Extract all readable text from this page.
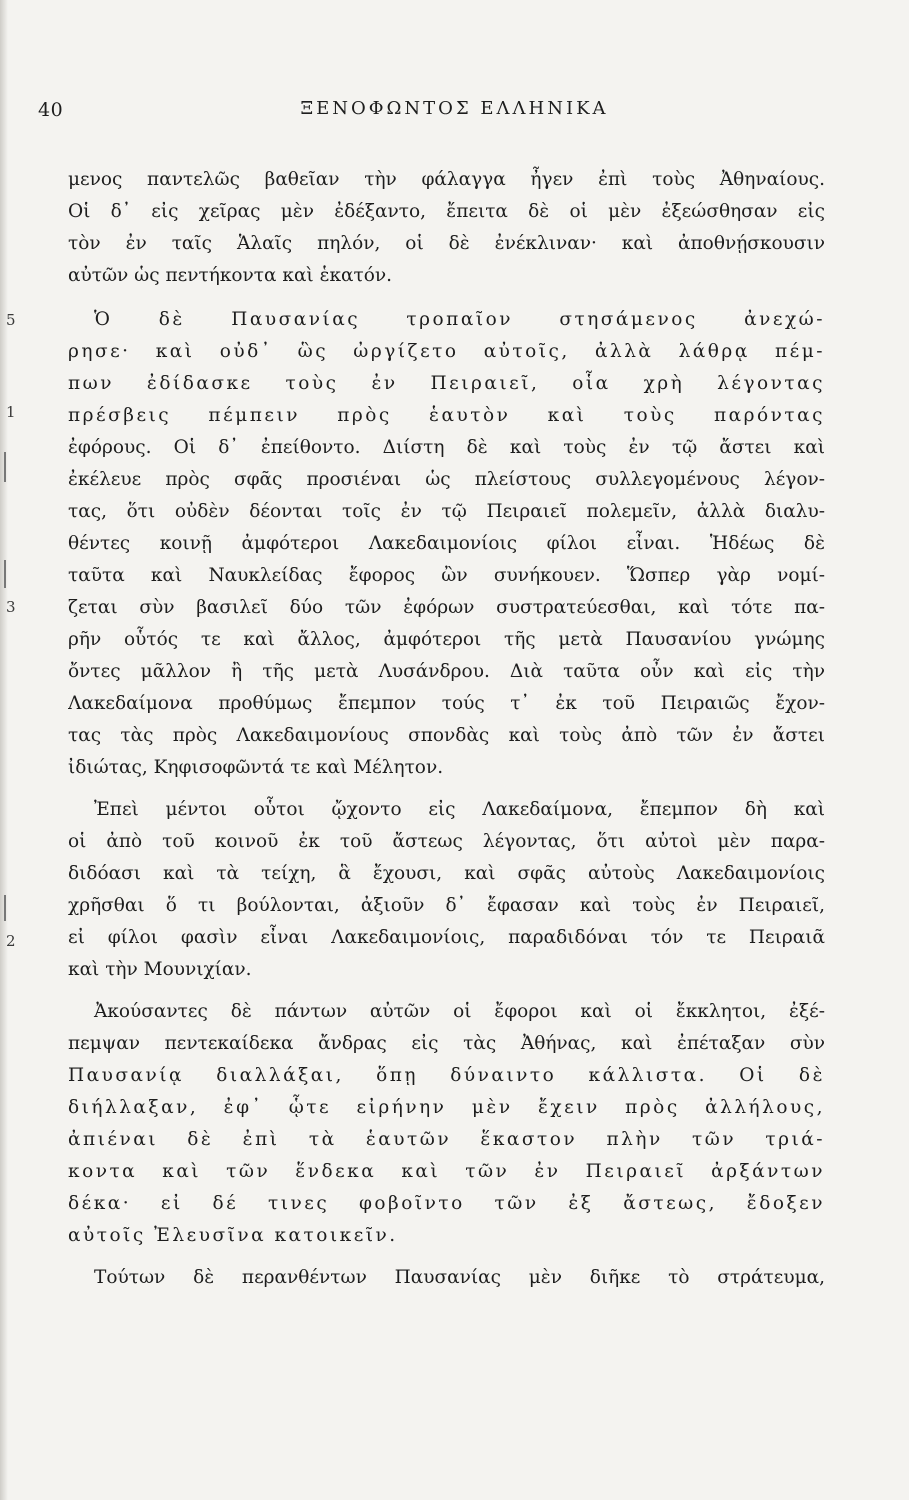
40	ΞΕΝΟΦΩΝΤΟΣ ΕΛΛΗΝΙΚΑ
5
1
3
2
μενος παντελῶς βαθεῖαν τὴν φάλαγγα ἦγεν ἐπὶ τοὺς Ἀθηναίους.
Οἱ δ᾽ εἰς χεῖρας μὲν ἐδέξαντο, ἔπειτα δὲ οἱ μὲν ἐξεώσθησαν εἰς
τὸν ἐν ταῖς Ἁλαῖς πηλόν, οἱ δὲ ἐνέκλιναν· καὶ ἀποθνῄσκουσιν
αὐτῶν ὡς πεντήκοντα καὶ ἑκατόν.
Ὁ δὲ Παυσανίας τροπαῖον στησάμενος ἀνεχώ-
ρησε· καὶ οὐδ᾽ ὣς ὠργίζετο αὐτοῖς, ἀλλὰ λάθρᾳ πέμ-
πων ἐδίδασκε τοὺς ἐν Πειραιεῖ, οἷα χρὴ λέγοντας
πρέσβεις πέμπειν πρὸς ἑαυτὸν καὶ τοὺς παρόντας
ἐφόρους. Οἱ δ᾽ ἐπείθοντο. Διίστη δὲ καὶ τοὺς ἐν τῷ ἄστει καὶ
ἐκέλευε πρὸς σφᾶς προσιέναι ὡς πλείστους συλλεγομένους λέγον-
τας, ὅτι οὐδὲν δέονται τοῖς ἐν τῷ Πειραιεῖ πολεμεῖν, ἀλλὰ διαλυ-
θέντες κοινῇ ἀμφότεροι Λακεδαιμονίοις φίλοι εἶναι. Ἡδέως δὲ
ταῦτα καὶ Ναυκλείδας ἔφορος ὢν συνήκουεν. Ὥσπερ γὰρ νομί-
ζεται σὺν βασιλεῖ δύο τῶν ἐφόρων συστρατεύεσθαι, καὶ τότε πα-
ρῆν οὗτός τε καὶ ἄλλος, ἀμφότεροι τῆς μετὰ Παυσανίου γνώμης
ὄντες μᾶλλον ἢ τῆς μετὰ Λυσάνδρου. Διὰ ταῦτα οὖν καὶ εἰς τὴν
Λακεδαίμονα προθύμως ἔπεμπον τούς τ᾽ ἐκ τοῦ Πειραιῶς ἔχον-
τας τὰς πρὸς Λακεδαιμονίους σπονδὰς καὶ τοὺς ἀπὸ τῶν ἐν ἄστει
ἰδιώτας, Κηφισοφῶντά τε καὶ Μέλητον.
Ἐπεὶ μέντοι οὗτοι ᾤχοντο εἰς Λακεδαίμονα, ἔπεμπον δὴ καὶ
οἱ ἀπὸ τοῦ κοινοῦ ἐκ τοῦ ἄστεως λέγοντας, ὅτι αὐτοὶ μὲν παρα-
διδόασι καὶ τὰ τείχη, ἃ ἔχουσι, καὶ σφᾶς αὐτοὺς Λακεδαιμονίοις
χρῆσθαι ὅ τι βούλονται, ἀξιοῦν δ᾽ ἔφασαν καὶ τοὺς ἐν Πειραιεῖ,
εἰ φίλοι φασὶν εἶναι Λακεδαιμονίοις, παραδιδόναι τόν τε Πειραιᾶ
καὶ τὴν Μουνιχίαν.
Ἀκούσαντες δὲ πάντων αὐτῶν οἱ ἔφοροι καὶ οἱ ἔκκλητοι, ἐξέ-
πεμψαν πεντεκαίδεκα ἄνδρας εἰς τὰς Ἀθήνας, καὶ ἐπέταξαν σὺν
Παυσανίᾳ διαλλάξαι, ὅπῃ δύναιντο κάλλιστα. Οἱ δὲ
διήλλαξαν, ἐφ᾽ ᾧτε εἰρήνην μὲν ἔχειν πρὸς ἀλλήλους,
ἀπιέναι δὲ ἐπὶ τὰ ἑαυτῶν ἕκαστον πλὴν τῶν τριά-
κοντα καὶ τῶν ἕνδεκα καὶ τῶν ἐν Πειραιεῖ ἀρξάντων
δέκα· εἰ δέ τινες φοβοῖντο τῶν ἐξ ἄστεως, ἔδοξεν
αὐτοῖς Ἐλευσῖνα κατοικεῖν.
Τούτων δὲ περανθέντων Παυσανίας μὲν διῆκε τὸ στράτευμα,
